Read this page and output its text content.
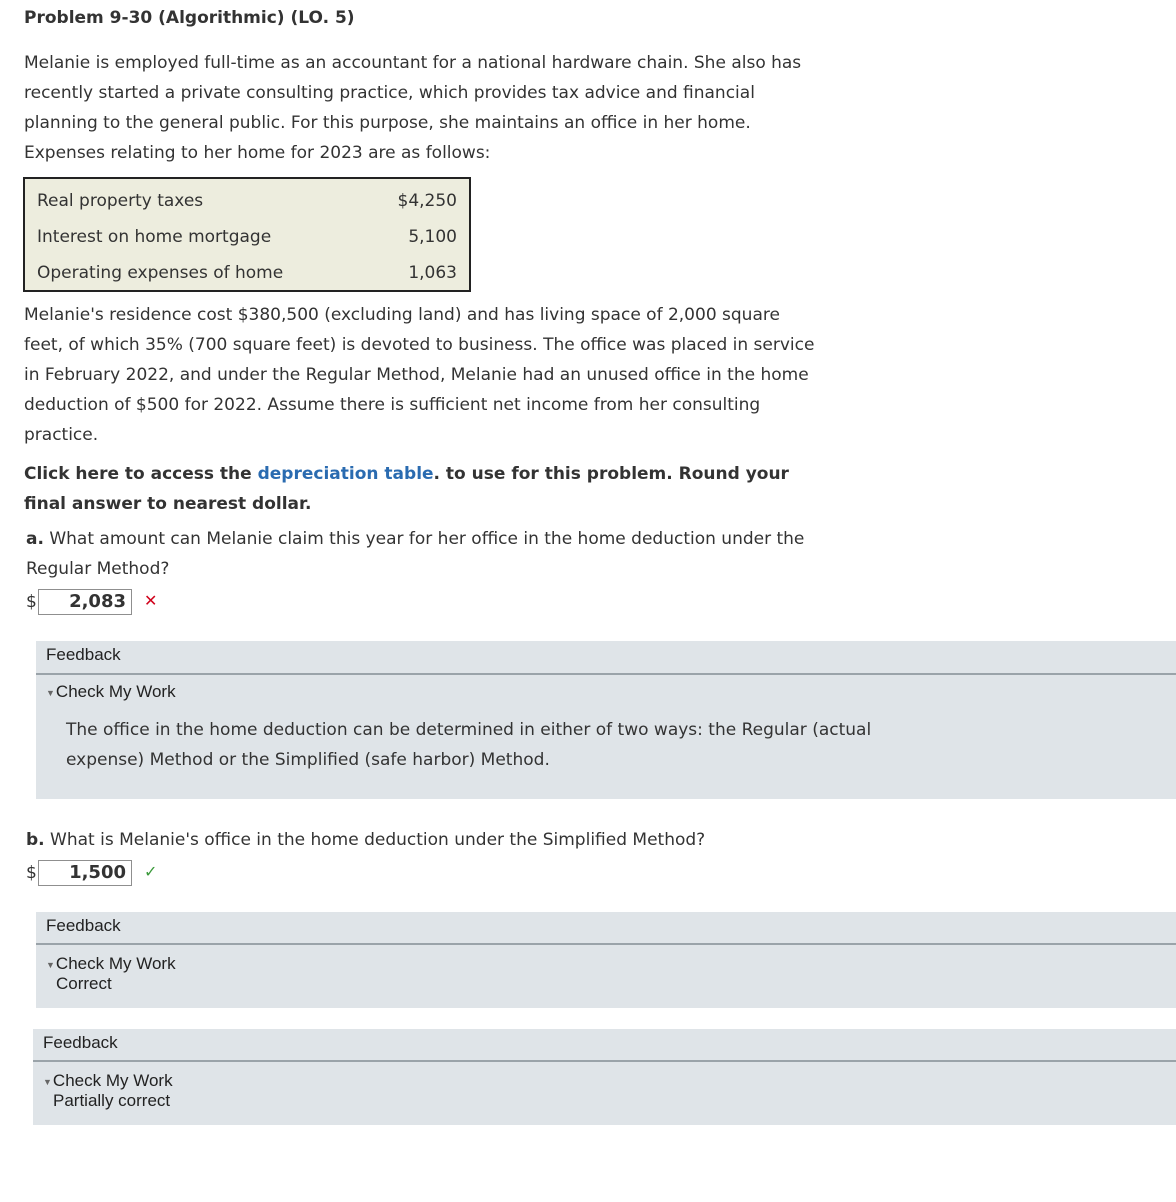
Problem 9-30 (Algorithmic) (LO. 5)

Melanie is employed full-time as an accountant for a national hardware chain. She also has

recently started a private consulting practice, which provides tax advice and financial

planning to the general public. For this purpose, she maintains an office in her home.

Expenses relating to her home for 2023 are as follows:

Real property taxes	$4,250
Interest on home mortgage	5,100
Operating expenses of home	1,063

Melanie's residence cost $380,500 (excluding land) and has living space of 2,000 square

feet, of which 35% (700 square feet) is devoted to business. The office was placed in service

in February 2022, and under the Regular Method, Melanie had an unused office in the home

deduction of $500 for 2022. Assume there is sufficient net income from her consulting

practice.

Click here to access the depreciation table. to use for this problem. Round your

final answer to nearest dollar.

a. What amount can Melanie claim this year for her office in the home deduction under the
Regular Method?
$	2,083	✕
Feedback
▼Check My Work
The office in the home deduction can be determined in either of two ways: the Regular (actual
expense) Method or the Simplified (safe harbor) Method.
b. What is Melanie's office in the home deduction under the Simplified Method?
$	1,500	✓
Feedback
▼Check My Work
Correct
Feedback
▼Check My Work
Partially correct
